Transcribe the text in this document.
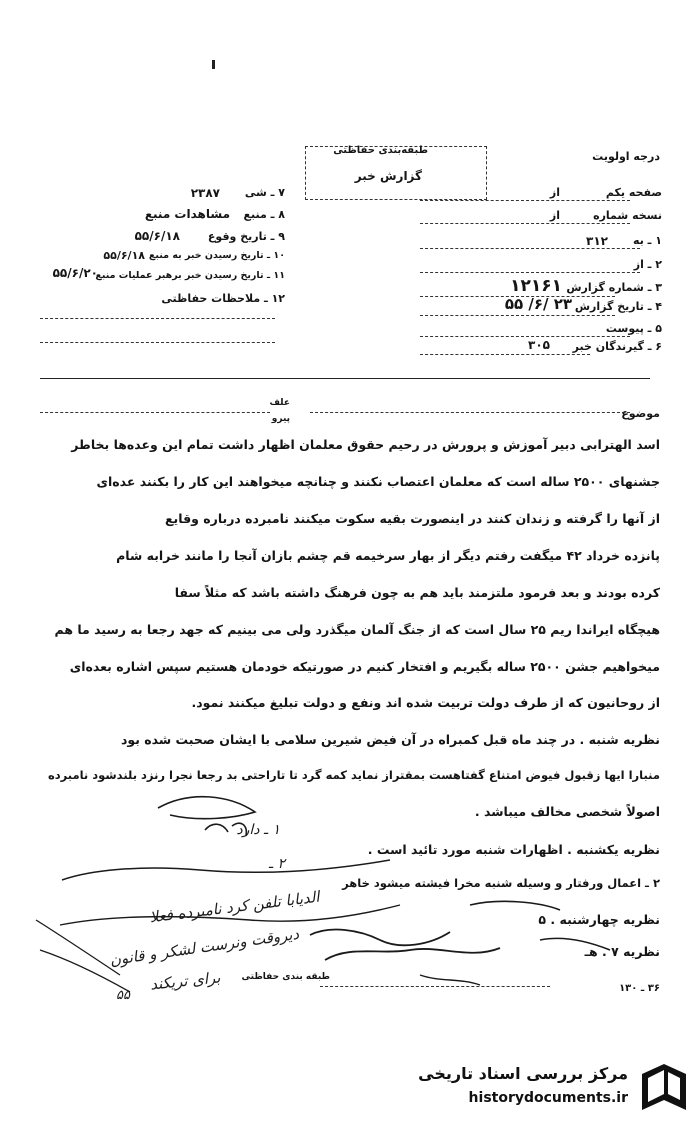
درجه اولویت
طبقه‌بندی حفاظتی
گزارش خبر
صفحه یکم
از
نسخه شماره
از
۱ ـ به
۳۱۲
۲ ـ از
۳ ـ شماره گزارش
۱۲۱۶۱
۴ ـ تاریخ گزارش
۲۳ /۶/ ۵۵
۵ ـ پیوست
۶ ـ گیرندگان خبر
۳۰۵
۷ ـ شی
۲۳۸۷
۸ ـ منبع
مشاهدات منبع
۹ ـ تاریخ وقوع
۵۵/۶/۱۸
۱۰ ـ تاریخ رسیدن خبر به منبع
۵۵/۶/۱۸
۱۱ ـ تاریخ رسیدن خبر برهبر عملیات منبع
۵۵/۶/۲۰
۱۲ ـ ملاحظات حفاظتی
موضوع
علف
پیرو
اسد الهترابی دبیر آموزش و پرورش در رحیم حقوق معلمان اظهار داشت تمام این وعده‌ها بخاطر
جشنهای ۲۵۰۰ ساله است که معلمان اعتصاب نکنند و چنانچه میخواهند این کار را بکنند عده‌ای
از آنها را گرفته و زندان کنند در اینصورت بقیه سکوت میکنند نامبرده درباره وقایع
پانزده خرداد ۴۲ میگفت رفتم دیگر از بهار سرخیمه قم چشم بازان آنجا را مانند خرابه شام
کرده بودند و بعد فرمود ملتزمند باید هم به چون فرهنگ داشته باشد که مثلاً سفا
هیچگاه ایراندا ریم ۲۵ سال است که از جنگ آلمان میگذرد ولی می بینیم که جهد رجعا به رسید ما هم
میخواهیم جشن ۲۵۰۰ ساله بگیریم و افتخار کنیم در صورتیکه خودمان هستیم سپس اشاره بعده‌ای
از روحانیون که از طرف دولت تربیت شده اند ونفع و دولت تبلیغ میکنند نمود.
نظریه شنبه . در چند ماه قبل کمبراه در آن فیض شیرین سلامی با ایشان صحبت شده بود
منبارا ایها زقبول فیوض امتناع گفتاهست بمقتراز نماید کمه گرد تا تاراحتی بد رجعا نجرا رنزد بلندشود نامبرده
اصولاً شخصی مخالف میباشد .
نظریه یکشنبه . اظهارات شنبه مورد تائید است .
۲ ـ اعمال ورفتار و وسیله شنبه مخرا فیشته میشود خاهر
نظریه چهارشنبه . ۵
نظریه ۷ . هـ
۱ ـ دارد
۲ ـ
الدیابا تلفن کرد نامبرده فعلا
دیروقت ونرست لشکر و قانون
برای تریکند
۵۵
طبقه بندی حفاظتی
۳۶ ـ ۱۳۰
مرکز بررسی اسناد تاریخی
historydocuments.ir
